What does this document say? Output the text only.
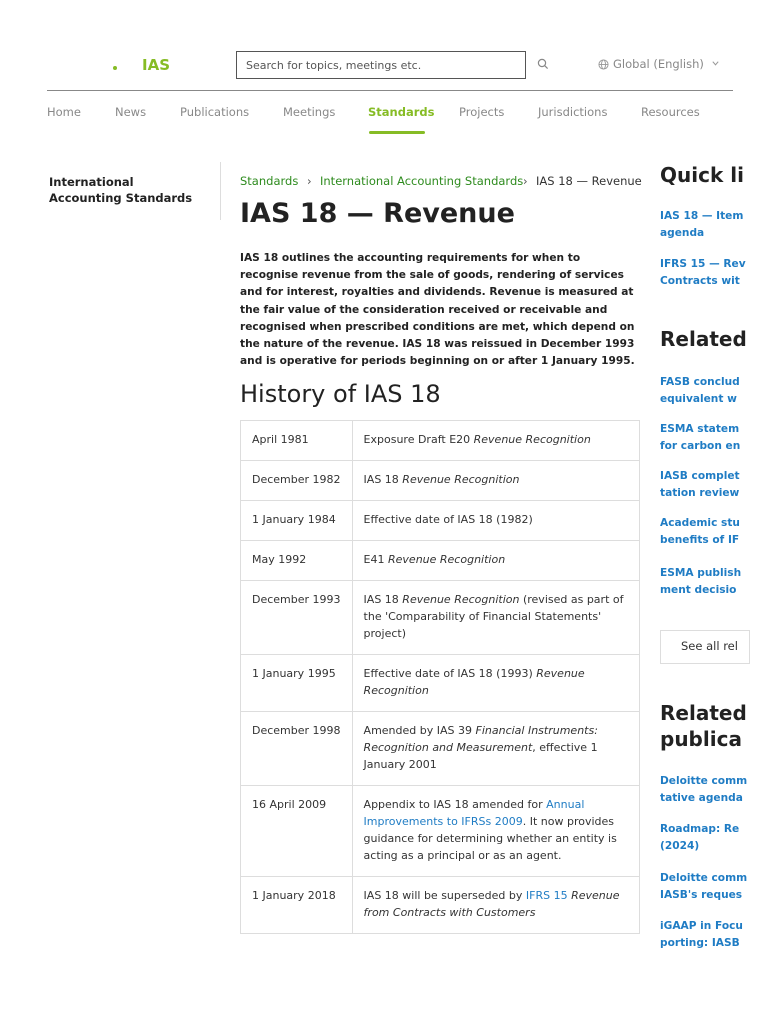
IAS
Search for topics, meetings etc.	Global (English)
Home	News	Publications	Meetings	Standards Projects	Jurisdictions	Resources
International Accounting Standards
Standards › International Accounting Standards › IAS 18 — Revenue
IAS 18 — Revenue

IAS 18 outlines the accounting requirements for when to recognise revenue from the sale of goods, rendering of services and for interest, royalties and dividends. Revenue is measured at the fair value of the consideration received or receivable and recognised when prescribed conditions are met, which depend on the nature of the revenue. IAS 18 was reissued in December 1993 and is operative for periods beginning on or after 1 January 1995.

History of IAS 18
April 1981	Exposure Draft E20 Revenue Recognition
December 1982	IAS 18 Revenue Recognition
1 January 1984	Effective date of IAS 18 (1982)
May 1992	E41 Revenue Recognition
December 1993	IAS 18 Revenue Recognition (revised as part of the 'Comparability of Financial Statements' project)
1 January 1995	Effective date of IAS 18 (1993) Revenue Recognition
December 1998	Amended by IAS 39 Financial Instruments: Recognition and Measurement, effective 1 January 2001
16 April 2009	Appendix to IAS 18 amended for Annual Improvements to IFRSs 2009. It now provides guidance for determining whether an entity is acting as a principal or as an agent.
1 January 2018	IAS 18 will be superseded by IFRS 15 Revenue from Contracts with Customers
Quick li
IAS 18 — Item
agenda
IFRS 15 — Rev
Contracts wit
Related
FASB conclud
equivalent w
ESMA statem
for carbon en
IASB complet
tation review
Academic stu
benefits of IF
ESMA publish
ment decisio
See all rel
Related
publica
Deloitte comm
tative agenda
Roadmap: Re
(2024)
Deloitte comm
IASB's reques
iGAAP in Focu
porting: IASB
